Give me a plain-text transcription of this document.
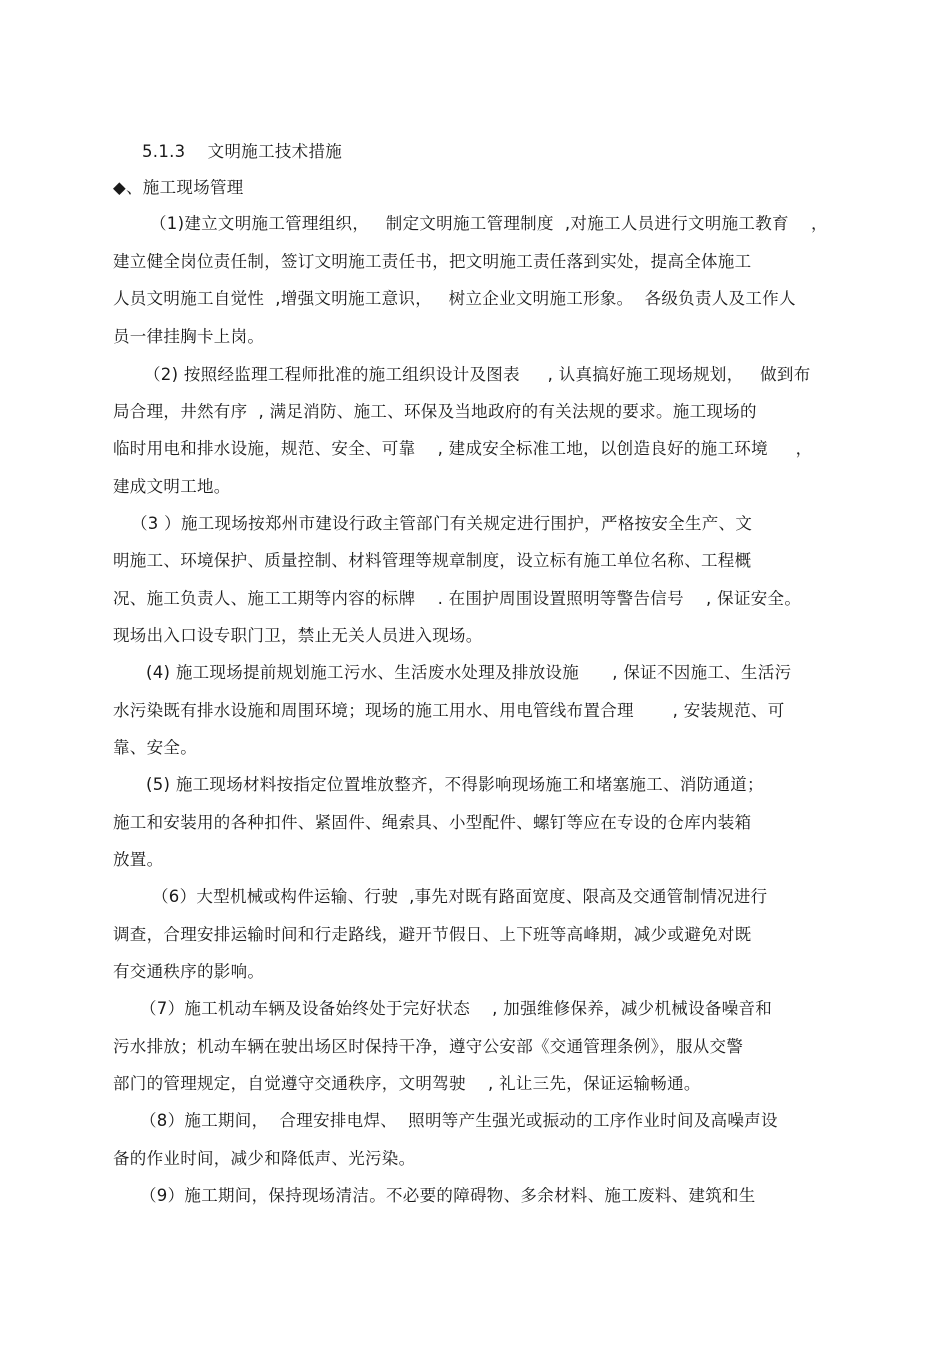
5.1.3    文明施工技术措施
◆、施工现场管理
（1)建立文明施工管理组织，   制定文明施工管理制度  ,对施工人员进行文明施工教育    ，
建立健全岗位责任制，签订文明施工责任书，把文明施工责任落到实处，提高全体施工
人员文明施工自觉性  ,增强文明施工意识，   树立企业文明施工形象。  各级负责人及工作人
员一律挂胸卡上岗。
（2) 按照经监理工程师批准的施工组织设计及图表     , 认真搞好施工现场规划，   做到布
局合理，井然有序  , 满足消防、施工、环保及当地政府的有关法规的要求。施工现场的
临时用电和排水设施，规范、安全、可靠    , 建成安全标准工地，以创造良好的施工环境     ，
建成文明工地。
（3 ）施工现场按郑州市建设行政主管部门有关规定进行围护，严格按安全生产、文
明施工、环境保护、质量控制、材料管理等规章制度，设立标有施工单位名称、工程概
况、施工负责人、施工工期等内容的标牌    . 在围护周围设置照明等警告信号    , 保证安全。
现场出入口设专职门卫，禁止无关人员进入现场。
(4) 施工现场提前规划施工污水、生活废水处理及排放设施      , 保证不因施工、生活污
水污染既有排水设施和周围环境；现场的施工用水、用电管线布置合理       , 安装规范、可
靠、安全。
(5) 施工现场材料按指定位置堆放整齐，不得影响现场施工和堵塞施工、消防通道；
施工和安装用的各种扣件、紧固件、绳索具、小型配件、螺钉等应在专设的仓库内装箱
放置。
（6）大型机械或构件运输、行驶  ,事先对既有路面宽度、限高及交通管制情况进行
调查，合理安排运输时间和行走路线，避开节假日、上下班等高峰期，减少或避免对既
有交通秩序的影响。
（7）施工机动车辆及设备始终处于完好状态    , 加强维修保养，减少机械设备噪音和
污水排放；机动车辆在驶出场区时保持干净，遵守公安部《交通管理条例》，服从交警
部门的管理规定，自觉遵守交通秩序，文明驾驶    , 礼让三先，保证运输畅通。
（8）施工期间，  合理安排电焊、  照明等产生强光或振动的工序作业时间及高噪声设
备的作业时间，减少和降低声、光污染。
（9）施工期间，保持现场清洁。不必要的障碍物、多余材料、施工废料、建筑和生
